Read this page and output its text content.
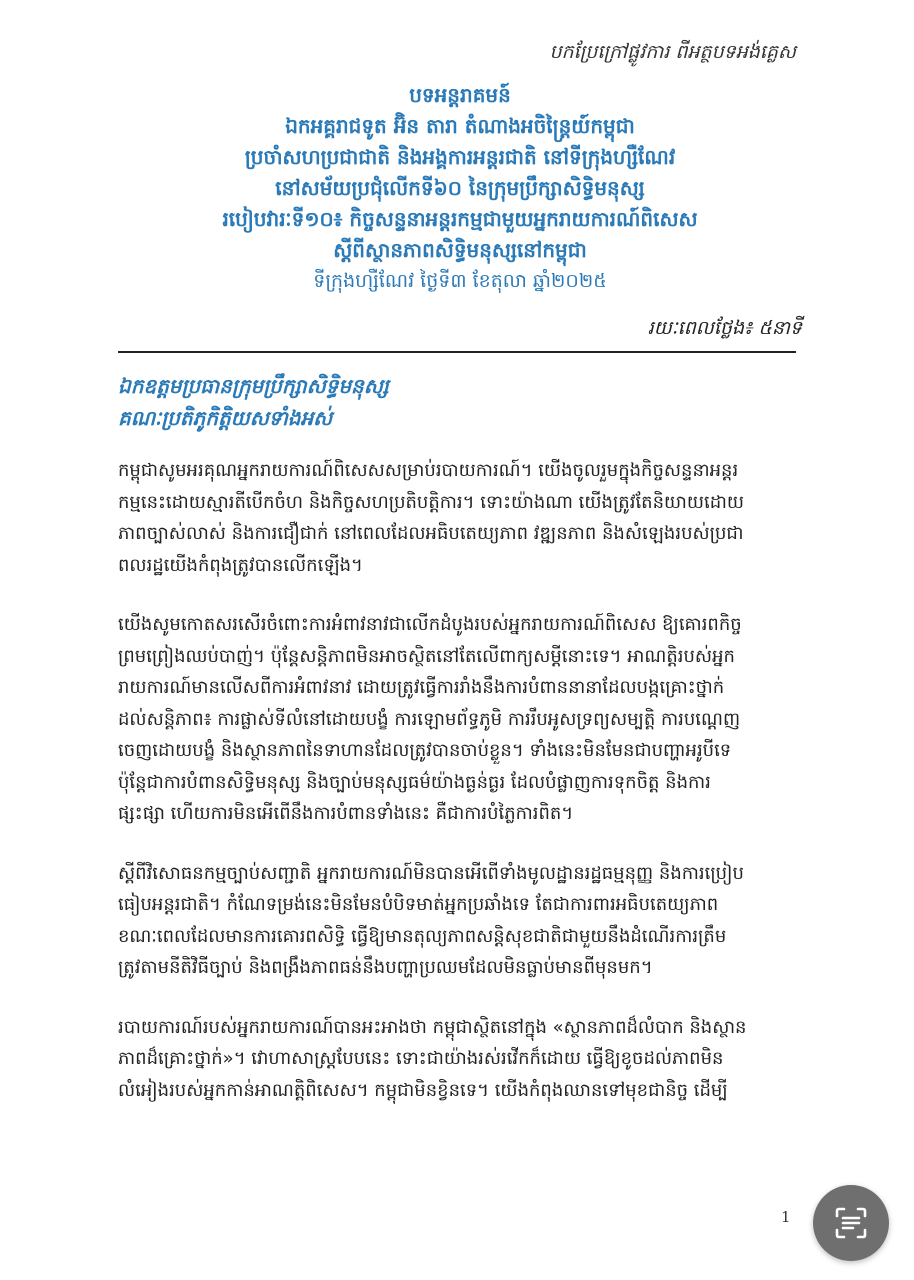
បកប្រែក្រៅផ្លូវការ ពីអត្ថបទអង់គ្លេស
បទអន្តរាគមន៍
ឯកអគ្គរាជទូត អ៊ិន តារា តំណាងអចិន្ត្រៃយ៍កម្ពុជា
ប្រចាំសហប្រជាជាតិ និងអង្គការអន្តរជាតិ នៅទីក្រុងហ្សឺណែវ
នៅសម័យប្រជុំលើកទី៦០ នៃក្រុមប្រឹក្សាសិទ្ធិមនុស្ស
របៀបវារៈទី១០៖ កិច្ចសន្ទនាអន្តរកម្មជាមួយអ្នករាយការណ៍ពិសេស
ស្តីពីស្ថានភាពសិទ្ធិមនុស្សនៅកម្ពុជា
ទីក្រុងហ្សឺណែវ ថ្ងៃទី៣ ខែតុលា ឆ្នាំ២០២៥
រយៈពេលថ្លែង៖ ៥នាទី
ឯកឧត្តមប្រធានក្រុមប្រឹក្សាសិទ្ធិមនុស្ស
គណៈប្រតិភូកិត្តិយសទាំងអស់
កម្ពុជាសូមអរគុណអ្នករាយការណ៍ពិសេសសម្រាប់របាយការណ៍។ យើងចូលរួមក្នុងកិច្ចសន្ទនាអន្តរ
កម្មនេះដោយស្មារតីបើកចំហ និងកិច្ចសហប្រតិបត្តិការ។ ទោះយ៉ាងណា យើងត្រូវតែនិយាយដោយ
ភាពច្បាស់លាស់ និងការជឿជាក់ នៅពេលដែលអធិបតេយ្យភាព វឌ្ឍនភាព និងសំឡេងរបស់ប្រជា
ពលរដ្ឋយើងកំពុងត្រូវបានលើកឡើង។
យើងសូមកោតសរសើរចំពោះការអំពាវនាវជាលើកដំបូងរបស់អ្នករាយការណ៍ពិសេស ឱ្យគោរពកិច្ច
ព្រមព្រៀងឈប់បាញ់។ ប៉ុន្តែសន្តិភាពមិនអាចស្ថិតនៅតែលើពាក្យសម្តីនោះទេ។ អាណត្តិរបស់អ្នក
រាយការណ៍មានលើសពីការអំពាវនាវ ដោយត្រូវធ្វើការរាំងនឹងការបំពាននានាដែលបង្កគ្រោះថ្នាក់
ដល់សន្តិភាព៖ ការផ្លាស់ទីលំនៅដោយបង្ខំ ការឡោមព័ទ្ធភូមិ ការរឹបអូសទ្រព្យសម្បត្តិ ការបណ្តេញ
ចេញដោយបង្ខំ និងស្ថានភាពនៃទាហានដែលត្រូវបានចាប់ខ្លួន។ ទាំងនេះមិនមែនជាបញ្ហាអរូបីទេ
ប៉ុន្តែជាការបំពានសិទ្ធិមនុស្ស និងច្បាប់មនុស្សធម៌យ៉ាងធ្ងន់ធ្ងរ ដែលបំផ្លាញការទុកចិត្ត និងការ
ផ្សះផ្សា ហើយការមិនអើពើនឹងការបំពានទាំងនេះ គឺជាការបំភ្លៃការពិត។
ស្តីពីវិសោធនកម្មច្បាប់សញ្ជាតិ អ្នករាយការណ៍មិនបានអើពើទាំងមូលដ្ឋានរដ្ឋធម្មនុញ្ញ និងការប្រៀប
ធៀបអន្តរជាតិ។ កំណែទម្រង់នេះមិនមែនបំបិទមាត់អ្នកប្រឆាំងទេ តែជាការពារអធិបតេយ្យភាព
ខណៈពេលដែលមានការគោរពសិទ្ធិ ធ្វើឱ្យមានតុល្យភាពសន្តិសុខជាតិជាមួយនឹងដំណើរការត្រឹម
ត្រូវតាមនីតិវិធីច្បាប់ និងពង្រឹងភាពធន់នឹងបញ្ហាប្រឈមដែលមិនធ្លាប់មានពីមុនមក។
របាយការណ៍របស់អ្នករាយការណ៍បានអះអាងថា កម្ពុជាស្ថិតនៅក្នុង «ស្ថានភាពដ៏លំបាក និងស្ថាន
ភាពដ៏គ្រោះថ្នាក់»។ វោហាសាស្ត្របែបនេះ ទោះជាយ៉ាងរស់រវើកក៏ដោយ ធ្វើឱ្យខូចដល់ភាពមិន
លំអៀងរបស់អ្នកកាន់អាណត្តិពិសេស។ កម្ពុជាមិនខ្វិនទេ។ យើងកំពុងឈានទៅមុខជានិច្ច ដើម្បី
1
